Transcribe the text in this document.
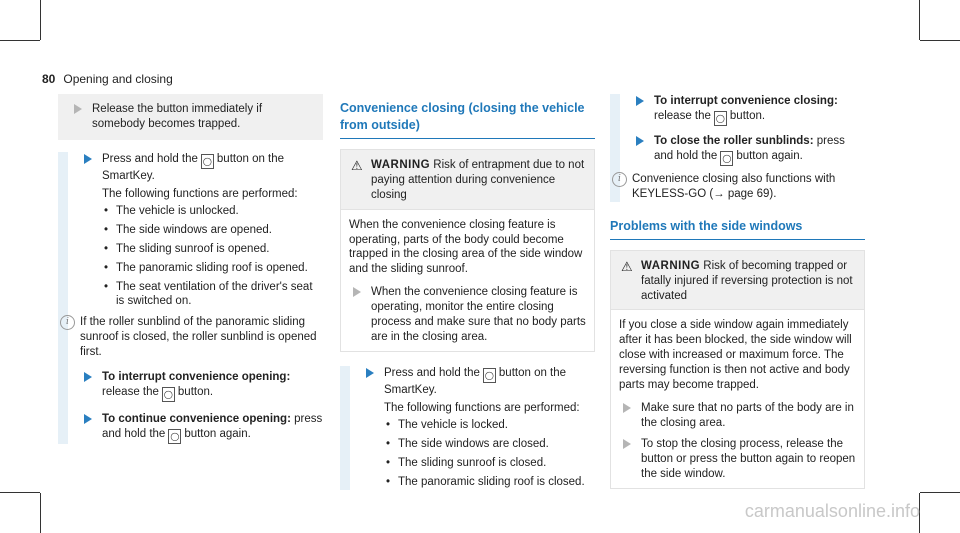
80 Opening and closing
Release the button immediately if somebody becomes trapped.
Press and hold the ◯ button on the SmartKey.
The following functions are performed:
• The vehicle is unlocked.
• The side windows are opened.
• The sliding sunroof is opened.
• The panoramic sliding roof is opened.
• The seat ventilation of the driver's seat is switched on.
i If the roller sunblind of the panoramic sliding sunroof is closed, the roller sunblind is opened first.
To interrupt convenience opening: release the ◯ button.
To continue convenience opening: press and hold the ◯ button again.
Convenience closing (closing the vehicle from outside)
⚠ WARNING Risk of entrapment due to not paying attention during convenience closing
When the convenience closing feature is operating, parts of the body could become trapped in the closing area of the side window and the sliding sunroof.
When the convenience closing feature is operating, monitor the entire closing process and make sure that no body parts are in the closing area.
Press and hold the ◯ button on the SmartKey.
The following functions are performed:
• The vehicle is locked.
• The side windows are closed.
• The sliding sunroof is closed.
• The panoramic sliding roof is closed.
To interrupt convenience closing: release the ◯ button.
To close the roller sunblinds: press and hold the ◯ button again.
i Convenience closing also functions with KEYLESS-GO (→ page 69).
Problems with the side windows
⚠ WARNING Risk of becoming trapped or fatally injured if reversing protection is not activated
If you close a side window again immediately after it has been blocked, the side window will close with increased or maximum force. The reversing function is then not active and body parts may become trapped.
Make sure that no parts of the body are in the closing area.
To stop the closing process, release the button or press the button again to reopen the side window.
carmanualsonline.info
